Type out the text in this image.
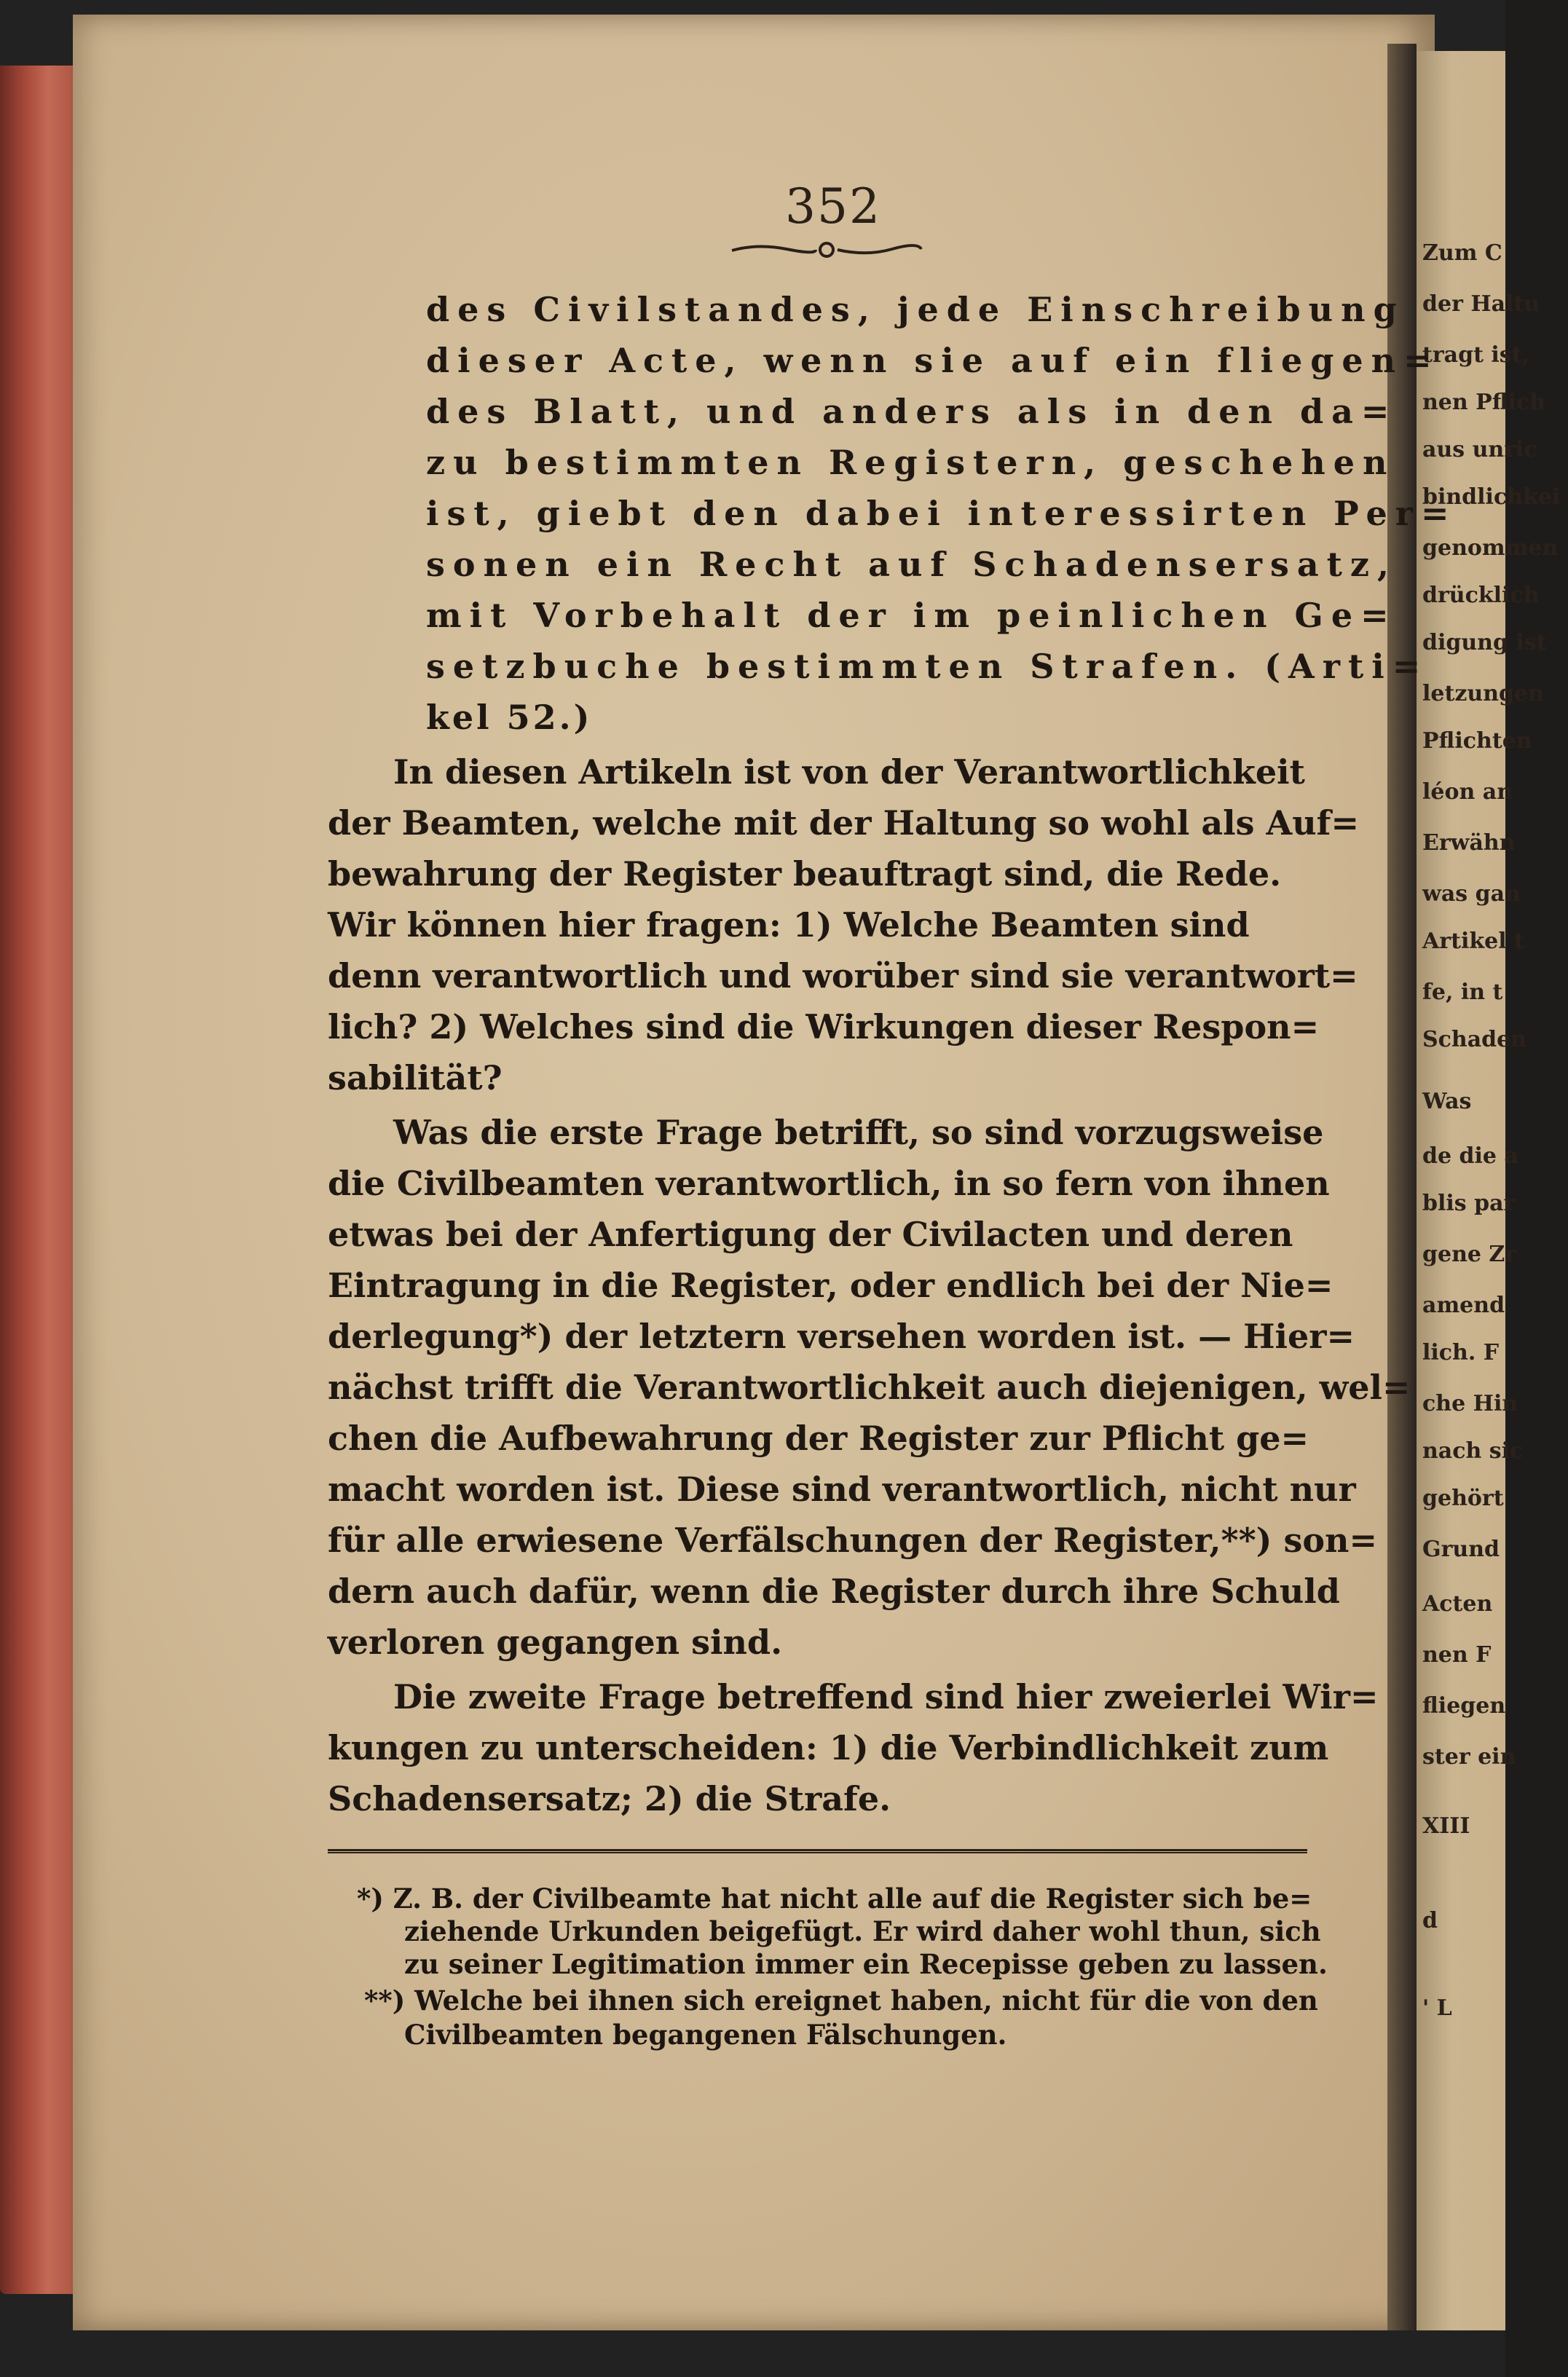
Zum C
der Haltu
tragt ist,
nen Pflich
aus unric
bindlichkei
genommen
drücklich
digung ist
letzungen
Pflichten
léon an
Erwähn
was gan
Artikel t
fe, in t
Schaden
Was
de die a
blis par
gene Zr
amend
lich. F
che Hin
nach sic
gehört
Grund
Acten
nen F
fliegen
ster ein
XIII
d
' L
352
des Civilstandes, jede Einschreibung
dieser Acte, wenn sie auf ein fliegen=
des Blatt, und anders als in den da=
zu bestimmten Registern, geschehen
ist, giebt den dabei interessirten Per=
sonen ein Recht auf Schadensersatz,
mit Vorbehalt der im peinlichen Ge=
setzbuche bestimmten Strafen. (Arti=
kel 52.)
In diesen Artikeln ist von der Verantwortlichkeit
der Beamten, welche mit der Haltung so wohl als Auf=
bewahrung der Register beauftragt sind, die Rede.
Wir können hier fragen: 1) Welche Beamten sind
denn verantwortlich und worüber sind sie verantwort=
lich? 2) Welches sind die Wirkungen dieser Respon=
sabilität?
Was die erste Frage betrifft, so sind vorzugsweise
die Civilbeamten verantwortlich, in so fern von ihnen
etwas bei der Anfertigung der Civilacten und deren
Eintragung in die Register, oder endlich bei der Nie=
derlegung*) der letztern versehen worden ist. — Hier=
nächst trifft die Verantwortlichkeit auch diejenigen, wel=
chen die Aufbewahrung der Register zur Pflicht ge=
macht worden ist. Diese sind verantwortlich, nicht nur
für alle erwiesene Verfälschungen der Register,**) son=
dern auch dafür, wenn die Register durch ihre Schuld
verloren gegangen sind.
Die zweite Frage betreffend sind hier zweierlei Wir=
kungen zu unterscheiden: 1) die Verbindlichkeit zum
Schadensersatz; 2) die Strafe.
*) Z. B. der Civilbeamte hat nicht alle auf die Register sich be=
ziehende Urkunden beigefügt. Er wird daher wohl thun, sich
zu seiner Legitimation immer ein Recepisse geben zu lassen.
**) Welche bei ihnen sich ereignet haben, nicht für die von den
Civilbeamten begangenen Fälschungen.
